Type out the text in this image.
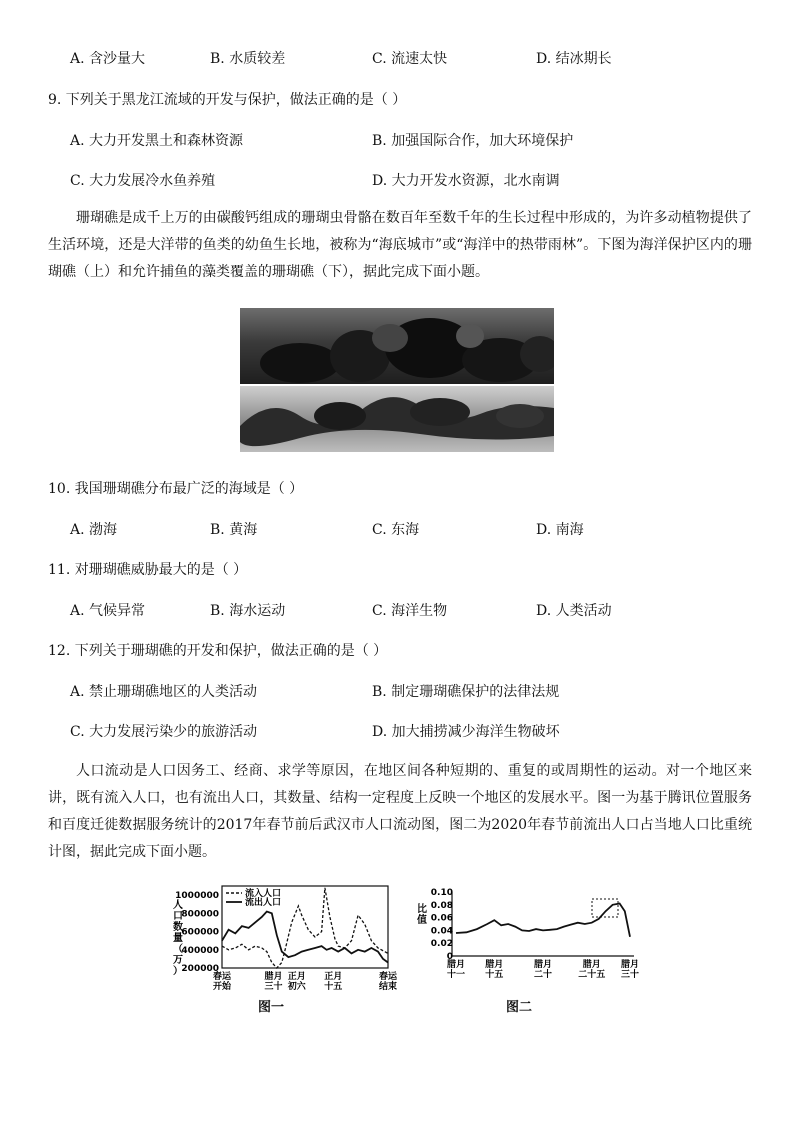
A. 含沙量大	B. 水质较差	C. 流速太快	D. 结冰期长
9. 下列关于黑龙江流域的开发与保护，做法正确的是（ ）
A. 大力开发黑土和森林资源	B. 加强国际合作，加大环境保护
C. 大力发展冷水鱼养殖	D. 大力开发水资源，北水南调
珊瑚礁是成千上万的由碳酸钙组成的珊瑚虫骨骼在数百年至数千年的生长过程中形成的，为许多动植物提供了生活环境，还是大洋带的鱼类的幼鱼生长地，被称为“海底城市”或“海洋中的热带雨林”。下图为海洋保护区内的珊瑚礁（上）和允许捕鱼的藻类覆盖的珊瑚礁（下），据此完成下面小题。
10. 我国珊瑚礁分布最广泛的海域是（ ）
A. 渤海	B. 黄海	C. 东海	D. 南海
11. 对珊瑚礁威胁最大的是（ ）
A. 气候异常	B. 海水运动	C. 海洋生物	D. 人类活动
12. 下列关于珊瑚礁的开发和保护，做法正确的是（ ）
A. 禁止珊瑚礁地区的人类活动	B. 制定珊瑚礁保护的法律法规
C. 大力发展污染少的旅游活动	D. 加大捕捞减少海洋生物破坏
人口流动是人口因务工、经商、求学等原因，在地区间各种短期的、重复的或周期性的运动。对一个地区来讲，既有流入人口，也有流出人口，其数量、结构一定程度上反映一个地区的发展水平。图一为基于腾讯位置服务和百度迁徙数据服务统计的2017年春节前后武汉市人口流动图，图二为2020年春节前流出人口占当地人口比重统计图，据此完成下面小题。
人
口
数
量
（
万
）
1000000
800000
600000
400000
200000
春运
开始
腊月
三十
正月
初六
正月
十五
春运
结束
流入人口
流出人口
图一
比
值
0.10
0.08
0.06
0.04
0.02
0
腊月
十一
腊月
十五
腊月
二十
腊月
二十五
腊月
三十
图二
